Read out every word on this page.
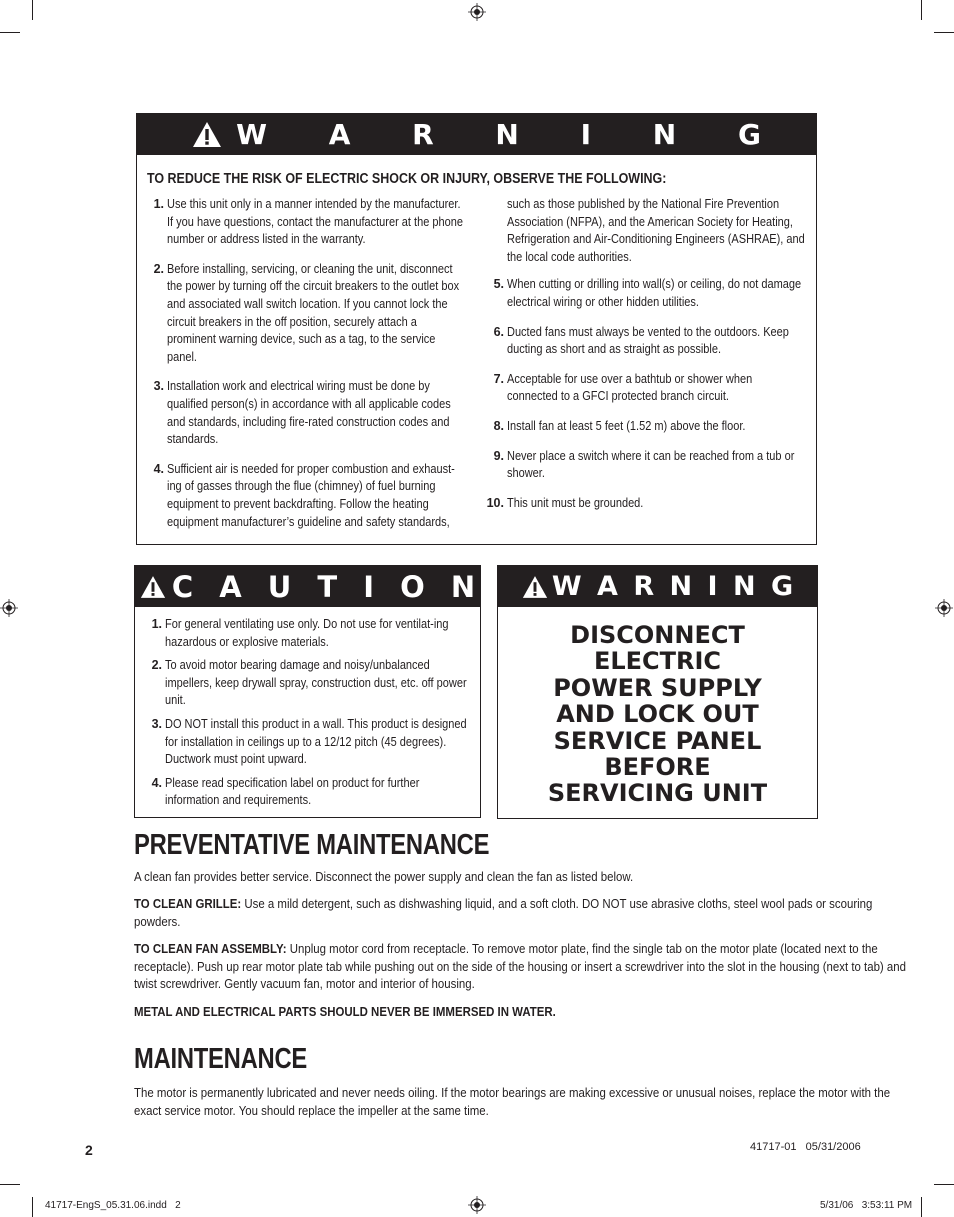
W A R N I N G
TO REDUCE THE RISK OF ELECTRIC SHOCK OR INJURY, OBSERVE THE FOLLOWING:
1. Use this unit only in a manner intended by the manufacturer. If you have questions, contact the manufacturer at the phone number or address listed in the warranty.
2. Before installing, servicing, or cleaning the unit, disconnect the power by turning off the circuit breakers to the outlet box and associated wall switch location. If you cannot lock the circuit breakers in the off position, securely attach a prominent warning device, such as a tag, to the service panel.
3. Installation work and electrical wiring must be done by qualified person(s) in accordance with all applicable codes and standards, including fire-rated construction codes and standards.
4. Sufficient air is needed for proper combustion and exhaust-ing of gasses through the flue (chimney) of fuel burning equipment to prevent backdrafting. Follow the heating equipment manufacturer’s guideline and safety standards,
such as those published by the National Fire Prevention Association (NFPA), and the American Society for Heating, Refrigeration and Air-Conditioning Engineers (ASHRAE), and the local code authorities.
5. When cutting or drilling into wall(s) or ceiling, do not damage electrical wiring or other hidden utilities.
6. Ducted fans must always be vented to the outdoors. Keep ducting as short and as straight as possible.
7. Acceptable for use over a bathtub or shower when connected to a GFCI protected branch circuit.
8. Install fan at least 5 feet (1.52 m) above the floor.
9. Never place a switch where it can be reached from a tub or shower.
10. This unit must be grounded.
C A U T I O N
1. For general ventilating use only. Do not use for ventilat-ing hazardous or explosive materials.
2. To avoid motor bearing damage and noisy/unbalanced impellers, keep drywall spray, construction dust, etc. off power unit.
3. DO NOT install this product in a wall. This product is designed for installation in ceilings up to a 12/12 pitch (45 degrees). Ductwork must point upward.
4. Please read specification label on product for further information and requirements.
W A R N I N G
DISCONNECT
ELECTRIC
POWER SUPPLY
AND LOCK OUT
SERVICE PANEL
BEFORE
SERVICING UNIT
PREVENTATIVE MAINTENANCE
A clean fan provides better service. Disconnect the power supply and clean the fan as listed below.
TO CLEAN GRILLE: Use a mild detergent, such as dishwashing liquid, and a soft cloth. DO NOT use abrasive cloths, steel wool pads or scouring powders.
TO CLEAN FAN ASSEMBLY: Unplug motor cord from receptacle. To remove motor plate, find the single tab on the motor plate (located next to the receptacle). Push up rear motor plate tab while pushing out on the side of the housing or insert a screwdriver into the slot in the housing (next to tab) and twist screwdriver. Gently vacuum fan, motor and interior of housing.
METAL AND ELECTRICAL PARTS SHOULD NEVER BE IMMERSED IN WATER.
MAINTENANCE
The motor is permanently lubricated and never needs oiling. If the motor bearings are making excessive or unusual noises, replace the motor with the exact service motor. You should replace the impeller at the same time.
2	41717-01   05/31/2006
41717-EngS_05.31.06.indd   2	5/31/06   3:53:11 PM
